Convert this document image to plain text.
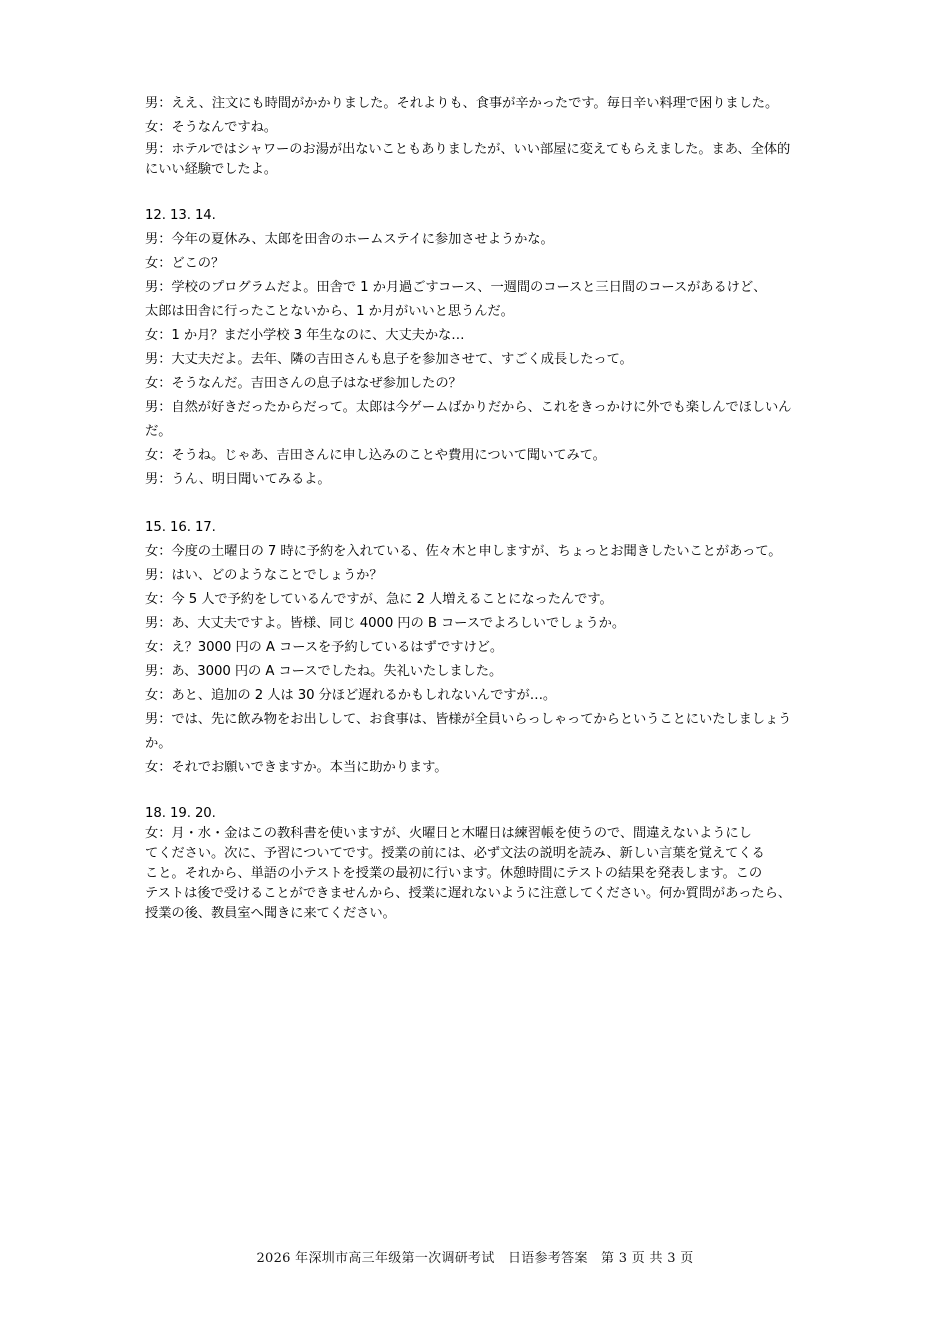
男：ええ、注文にも時間がかかりました。それよりも、食事が辛かったです。毎日辛い料理で困りました。
女：そうなんですね。
男：ホテルではシャワーのお湯が出ないこともありましたが、いい部屋に変えてもらえました。まあ、全体的
にいい経験でしたよ。
12. 13. 14.
男：今年の夏休み、太郎を田舎のホームステイに参加させようかな。
女：どこの？
男：学校のプログラムだよ。田舎で 1 か月過ごすコース、一週間のコースと三日間のコースがあるけど、
太郎は田舎に行ったことないから、1 か月がいいと思うんだ。
女：1 か月？まだ小学校 3 年生なのに、大丈夫かな…
男：大丈夫だよ。去年、隣の吉田さんも息子を参加させて、すごく成長したって。
女：そうなんだ。吉田さんの息子はなぜ参加したの？
男：自然が好きだったからだって。太郎は今ゲームばかりだから、これをきっかけに外でも楽しんでほしいん
だ。
女：そうね。じゃあ、吉田さんに申し込みのことや費用について聞いてみて。
男：うん、明日聞いてみるよ。
15. 16. 17.
女：今度の土曜日の 7 時に予約を入れている、佐々木と申しますが、ちょっとお聞きしたいことがあって。
男：はい、どのようなことでしょうか？
女：今 5 人で予約をしているんですが、急に 2 人増えることになったんです。
男：あ、大丈夫ですよ。皆様、同じ 4000 円の B コースでよろしいでしょうか。
女：え？3000 円の A コースを予約しているはずですけど。
男：あ、3000 円の A コースでしたね。失礼いたしました。
女：あと、追加の 2 人は 30 分ほど遅れるかもしれないんですが…。
男：では、先に飲み物をお出しして、お食事は、皆様が全員いらっしゃってからということにいたしましょう
か。
女：それでお願いできますか。本当に助かります。
18. 19. 20.
女：月・水・金はこの教科書を使いますが、火曜日と木曜日は練習帳を使うので、間違えないようにし
てください。次に、予習についてです。授業の前には、必ず文法の説明を読み、新しい言葉を覚えてくる
こと。それから、単語の小テストを授業の最初に行います。休憩時間にテストの結果を発表します。この
テストは後で受けることができませんから、授業に遅れないように注意してください。何か質問があったら、
授業の後、教員室へ聞きに来てください。
2026 年深圳市高三年级第一次调研考试　日语参考答案　第 3 页 共 3 页
